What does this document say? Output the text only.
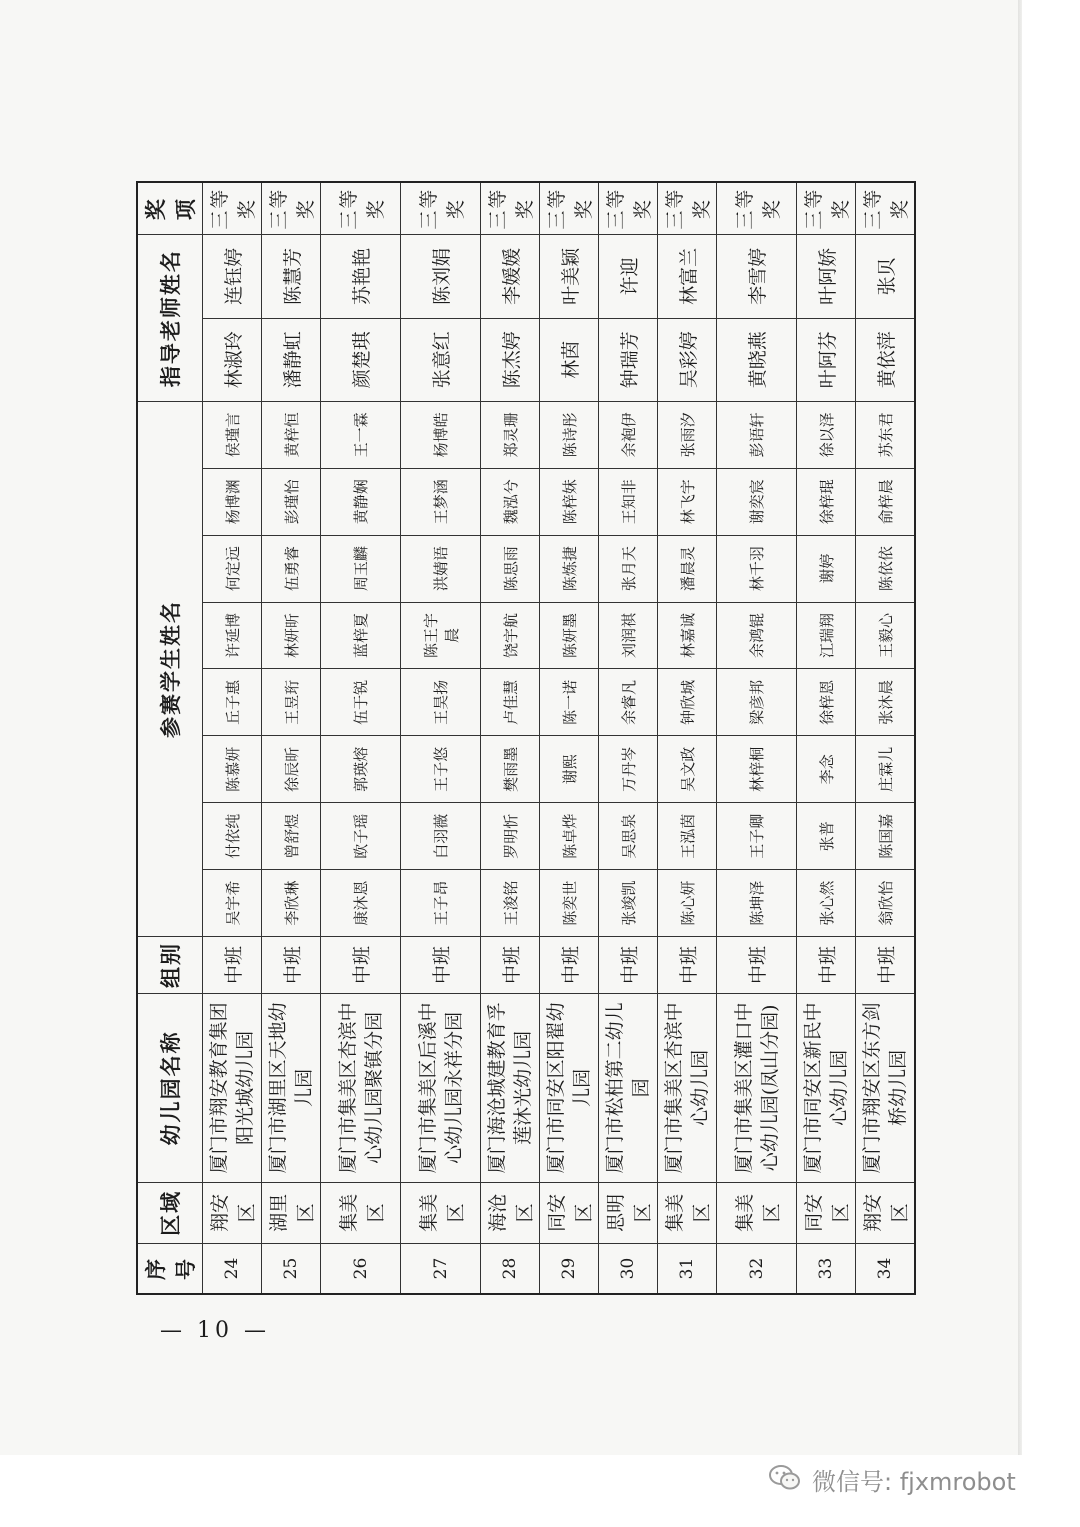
序号	区域	幼儿园名称	组别	参赛学生姓名								指导老师姓名		奖项
24	翔安区	厦门市翔安教育集团阳光城幼儿园	中班	吴宇希	付依纯	陈慕妍	丘子惠	许延博	何定远	杨博渊	侯瑾言	林淑玲	连钰婷	三等奖
25	湖里区	厦门市湖里区天地幼儿园	中班	李欣琳	曾舒煜	徐辰昕	王昱珩	林妍昕	伍勇睿	彭瑾怡	黄梓恒	潘静虹	陈慧芳	三等奖
26	集美区	厦门市集美区杏滨中心幼儿园聚镇分园	中班	康沐恩	欧子瑶	郭瑛熔	伍于锐	蓝梓夏	周玉麟	黄静娴	王一霖	颜楚琪	苏艳艳	三等奖
27	集美区	厦门市集美区后溪中心幼儿园永祥分园	中班	王子昂	白羽薇	王子悠	王昊扬	陈王宇晨	洪婧语	王梦涵	杨博皓	张意红	陈刘娟	三等奖
28	海沧区	厦门海沧城建教育孚莲沐光幼儿园	中班	王浚铭	罗明忻	樊雨墨	卢佳慧	饶宇航	陈思雨	魏泓兮	郑灵珊	陈杰婷	李媛媛	三等奖
29	同安区	厦门市同安区阳翟幼儿园	中班	陈奕世	陈卓烨	谢熙	陈一诺	陈妍墨	陈炼捷	陈梓妹	陈诗彤	林茵	叶美颖	三等奖
30	思明区	厦门市松柏第二幼儿园	中班	张竣凯	吴思泉	万丹岑	余睿凡	刘润祺	张月天	王知非	余袍伊	钟瑞芳	许迎	三等奖
31	集美区	厦门市集美区杏滨中心幼儿园	中班	陈心妍	王泓茵	吴文政	钟欣城	林嘉诚	潘晨灵	林飞宇	张雨汐	吴彩婷	林富兰	三等奖
32	集美区	厦门市集美区灌口中心幼儿园(凤山分园)	中班	陈坤泽	王子卿	林梓桐	梁彦邦	余鸿锟	林千羽	谢奕宸	彭语轩	黄晓燕	李雪婷	三等奖
33	同安区	厦门市同安区新民中心幼儿园	中班	张心然	张普	李念	徐梓恩	江瑞翔	谢婷	徐梓琨	徐以泽	叶阿芬	叶阿娇	三等奖
34	翔安区	厦门市翔安区东方剑桥幼儿园	中班	翁欣怡	陈国嘉	庄霖儿	张沐晨	王毅心	陈依依	俞梓晨	苏东君	黄依萍	张贝	三等奖
— 10 —
微信号: fjxmrobot
